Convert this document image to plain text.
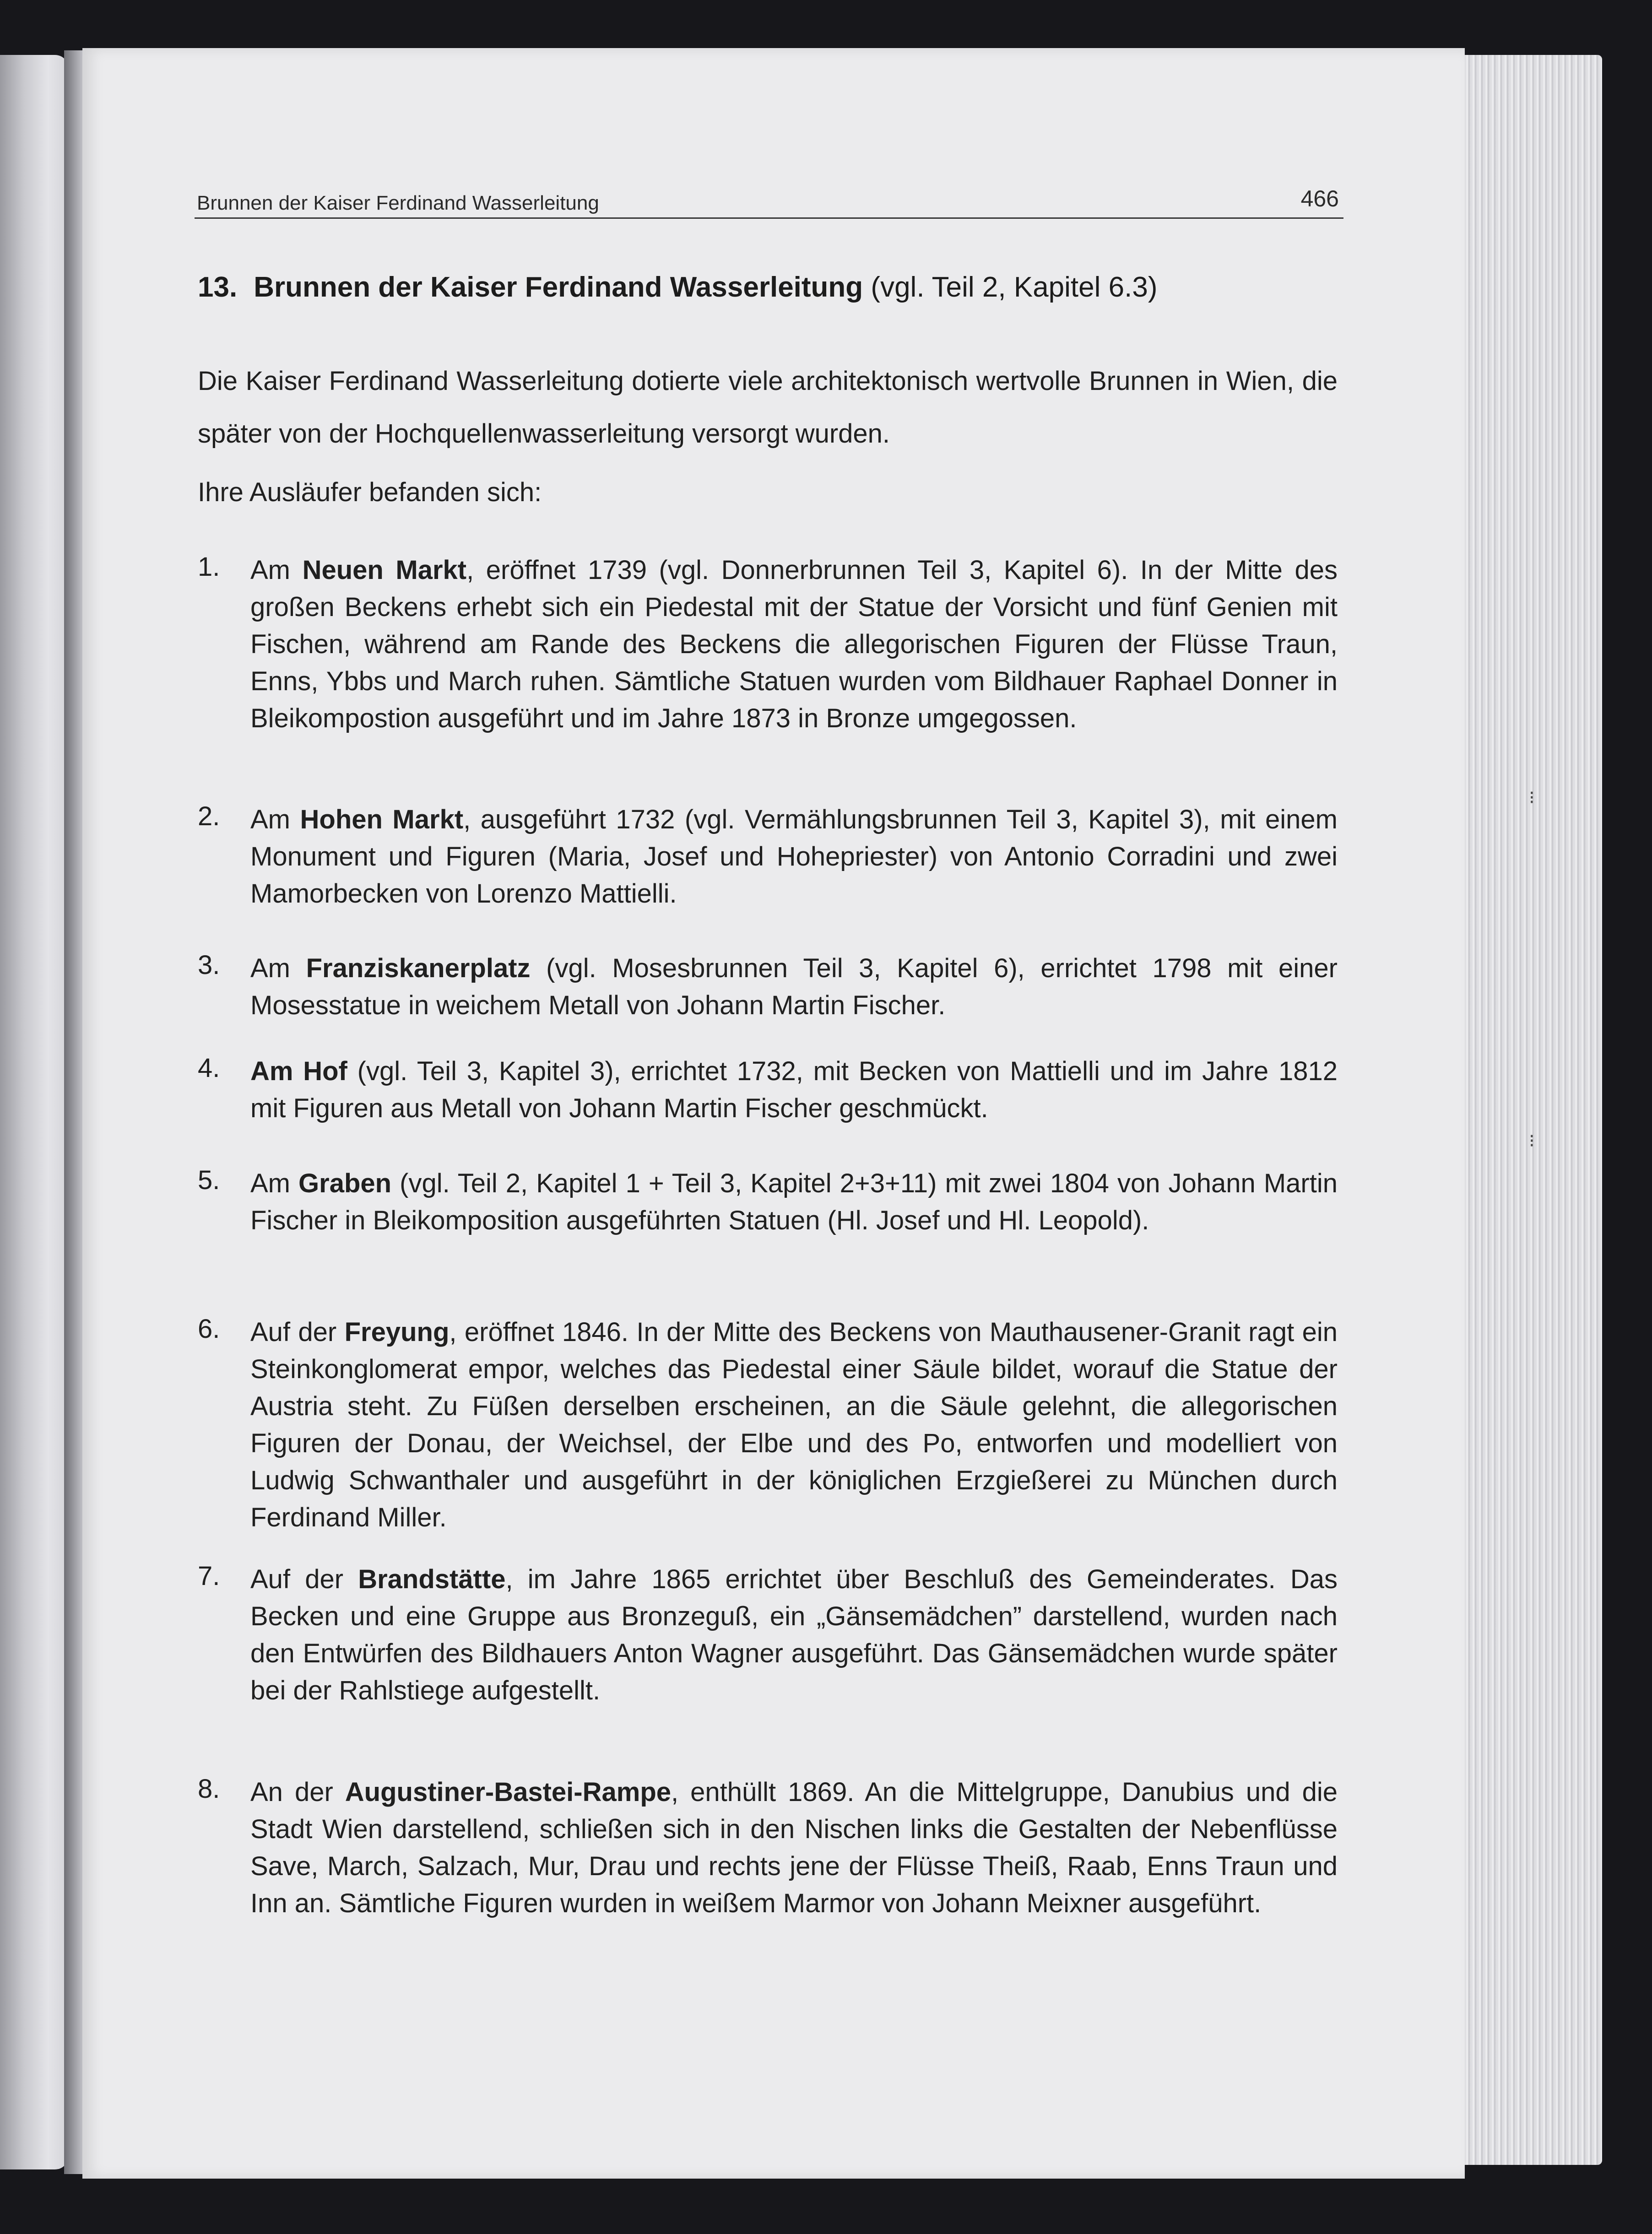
⁝
⁝
Brunnen der Kaiser Ferdinand Wasserleitung	466
13. Brunnen der Kaiser Ferdinand Wasserleitung (vgl. Teil 2, Kapitel 6.3)
Die Kaiser Ferdinand Wasserleitung dotierte viele architektonisch wertvolle Brunnen in Wien, die später von der Hochquellenwasserleitung versorgt wurden.
Ihre Ausläufer befanden sich:
1. Am Neuen Markt, eröffnet 1739 (vgl. Donnerbrunnen Teil 3, Kapitel 6). In der Mitte des großen Beckens erhebt sich ein Piedestal mit der Statue der Vorsicht und fünf Genien mit Fischen, während am Rande des Beckens die allegorischen Figuren der Flüsse Traun, Enns, Ybbs und March ruhen. Sämtliche Statuen wurden vom Bildhauer Raphael Donner in Bleikompostion ausgeführt und im Jahre 1873 in Bronze umgegossen.
2. Am Hohen Markt, ausgeführt 1732 (vgl. Vermählungsbrunnen Teil 3, Kapitel 3), mit einem Monument und Figuren (Maria, Josef und Hohepriester) von Antonio Corradini und zwei Mamorbecken von Lorenzo Mattielli.
3. Am Franziskanerplatz (vgl. Mosesbrunnen Teil 3, Kapitel 6), errichtet 1798 mit einer Mosesstatue in weichem Metall von Johann Martin Fischer.
4. Am Hof (vgl. Teil 3, Kapitel 3), errichtet 1732, mit Becken von Mattielli und im Jahre 1812 mit Figuren aus Metall von Johann Martin Fischer geschmückt.
5. Am Graben (vgl. Teil 2, Kapitel 1 + Teil 3, Kapitel 2+3+11) mit zwei 1804 von Johann Martin Fischer in Bleikomposition ausgeführten Statuen (Hl. Josef und Hl. Leopold).
6. Auf der Freyung, eröffnet 1846. In der Mitte des Beckens von Mauthausener-Granit ragt ein Steinkonglomerat empor, welches das Piedestal einer Säule bildet, worauf die Statue der Austria steht. Zu Füßen derselben erscheinen, an die Säule gelehnt, die allegorischen Figuren der Donau, der Weichsel, der Elbe und des Po, entworfen und modelliert von Ludwig Schwanthaler und ausgeführt in der königlichen Erzgießerei zu München durch Ferdinand Miller.
7. Auf der Brandstätte, im Jahre 1865 errichtet über Beschluß des Gemeinderates. Das Becken und eine Gruppe aus Bronzeguß, ein „Gänsemädchen” darstellend, wurden nach den Entwürfen des Bildhauers Anton Wagner ausgeführt. Das Gänsemädchen wurde später bei der Rahlstiege aufgestellt.
8. An der Augustiner-Bastei-Rampe, enthüllt 1869. An die Mittelgruppe, Danubius und die Stadt Wien darstellend, schließen sich in den Nischen links die Gestalten der Nebenflüsse Save, March, Salzach, Mur, Drau und rechts jene der Flüsse Theiß, Raab, Enns Traun und Inn an. Sämtliche Figuren wurden in weißem Marmor von Johann Meixner ausgeführt.
